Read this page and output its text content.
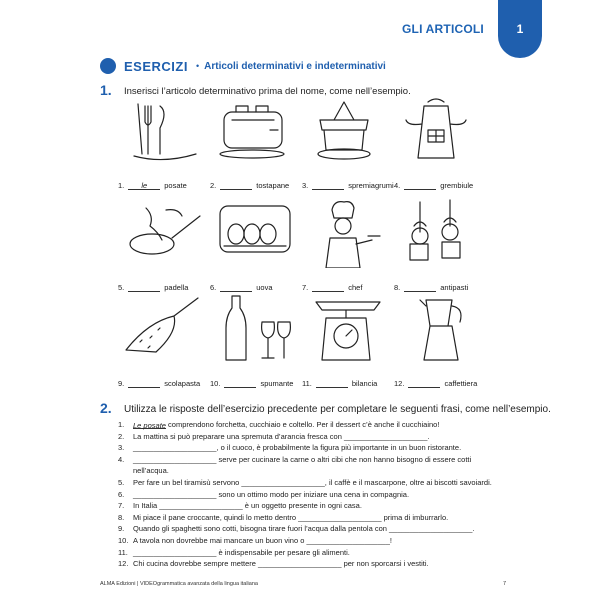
GLI ARTICOLI	1
ESERCIZI • Articoli determinativi e indeterminativi
1. Inserisci l’articolo determinativo prima del nome, come nell’esempio.
1.	le	posate	2.	tostapane 3.	spremiagrumi 4.	grembiule
5.	padella	6.	uova	7.	chef	8.	antipasti
9.	scolapasta 10.	spumante 11.	bilancia 12.	caffettiera
2. Utilizza le risposte dell’esercizio precedente per completare le seguenti frasi, come nell’esempio.
1. Le posate comprendono forchetta, cucchiaio e coltello. Per il dessert c’è anche il cucchiaino!
2. La mattina si può preparare una spremuta d’arancia fresca con ____________________.
3. ____________________, o il cuoco, è probabilmente la figura più importante in un buon ristorante.
4. ____________________ serve per cucinare la carne o altri cibi che non hanno bisogno di essere cotti
nell’acqua.
5. Per fare un bel tiramisù servono ____________________, il caffè e il mascarpone, oltre ai biscotti savoiardi.
6. ____________________ sono un ottimo modo per iniziare una cena in compagnia.
7. In Italia ____________________ è un oggetto presente in ogni casa.
8. Mi piace il pane croccante, quindi lo metto dentro ____________________ prima di imburrarlo.
9. Quando gli spaghetti sono cotti, bisogna tirare fuori l’acqua dalla pentola con ____________________.
10. A tavola non dovrebbe mai mancare un buon vino o ____________________!
11. ____________________ è indispensabile per pesare gli alimenti.
12. Chi cucina dovrebbe sempre mettere ____________________ per non sporcarsi i vestiti.
ALMA Edizioni | VIDEOgrammatica avanzata della lingua italiana	7
